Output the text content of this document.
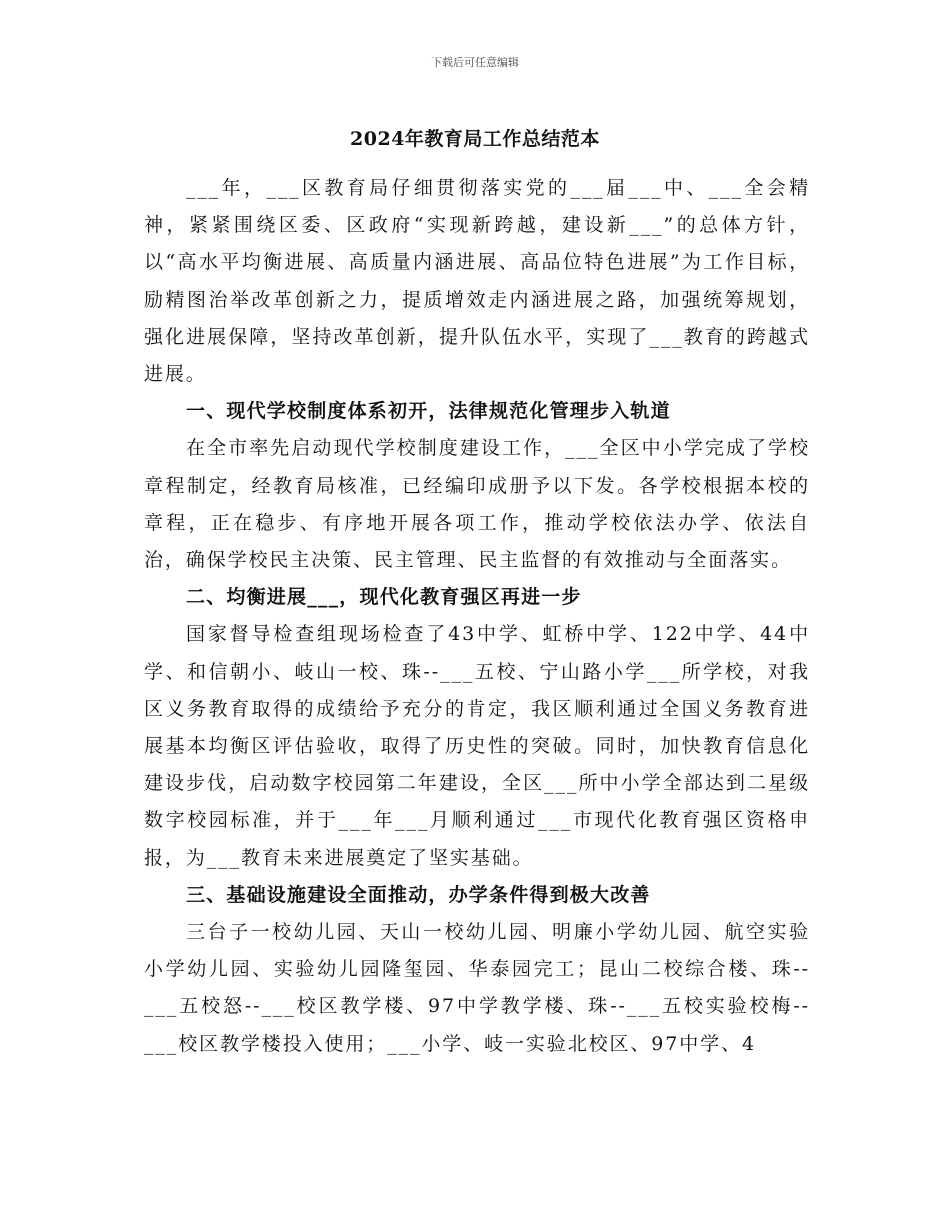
下载后可任意编辑
2024年教育局工作总结范本

___年，___区教育局仔细贯彻落实党的___届___中、___全会精神，紧紧围绕区委、区政府“实现新跨越，建设新___”的总体方针，以“高水平均衡进展、高质量内涵进展、高品位特色进展”为工作目标，励精图治举改革创新之力，提质增效走内涵进展之路，加强统筹规划，强化进展保障，坚持改革创新，提升队伍水平，实现了___教育的跨越式进展。

一、现代学校制度体系初开，法律规范化管理步入轨道

在全市率先启动现代学校制度建设工作，___全区中小学完成了学校章程制定，经教育局核准，已经编印成册予以下发。各学校根据本校的章程，正在稳步、有序地开展各项工作，推动学校依法办学、依法自治，确保学校民主决策、民主管理、民主监督的有效推动与全面落实。

二、均衡进展___，现代化教育强区再进一步

国家督导检查组现场检查了43中学、虹桥中学、122中学、44中学、和信朝小、岐山一校、珠--___五校、宁山路小学___所学校，对我区义务教育取得的成绩给予充分的肯定，我区顺利通过全国义务教育进展基本均衡区评估验收，取得了历史性的突破。同时，加快教育信息化建设步伐，启动数字校园第二年建设，全区___所中小学全部达到二星级数字校园标准，并于___年___月顺利通过___市现代化教育强区资格申报，为___教育未来进展奠定了坚实基础。

三、基础设施建设全面推动，办学条件得到极大改善

三台子一校幼儿园、天山一校幼儿园、明廉小学幼儿园、航空实验小学幼儿园、实验幼儿园隆玺园、华泰园完工；昆山二校综合楼、珠--___五校怒--___校区教学楼、97中学教学楼、珠--___五校实验校梅--___校区教学楼投入使用；___小学、岐一实验北校区、97中学、4
